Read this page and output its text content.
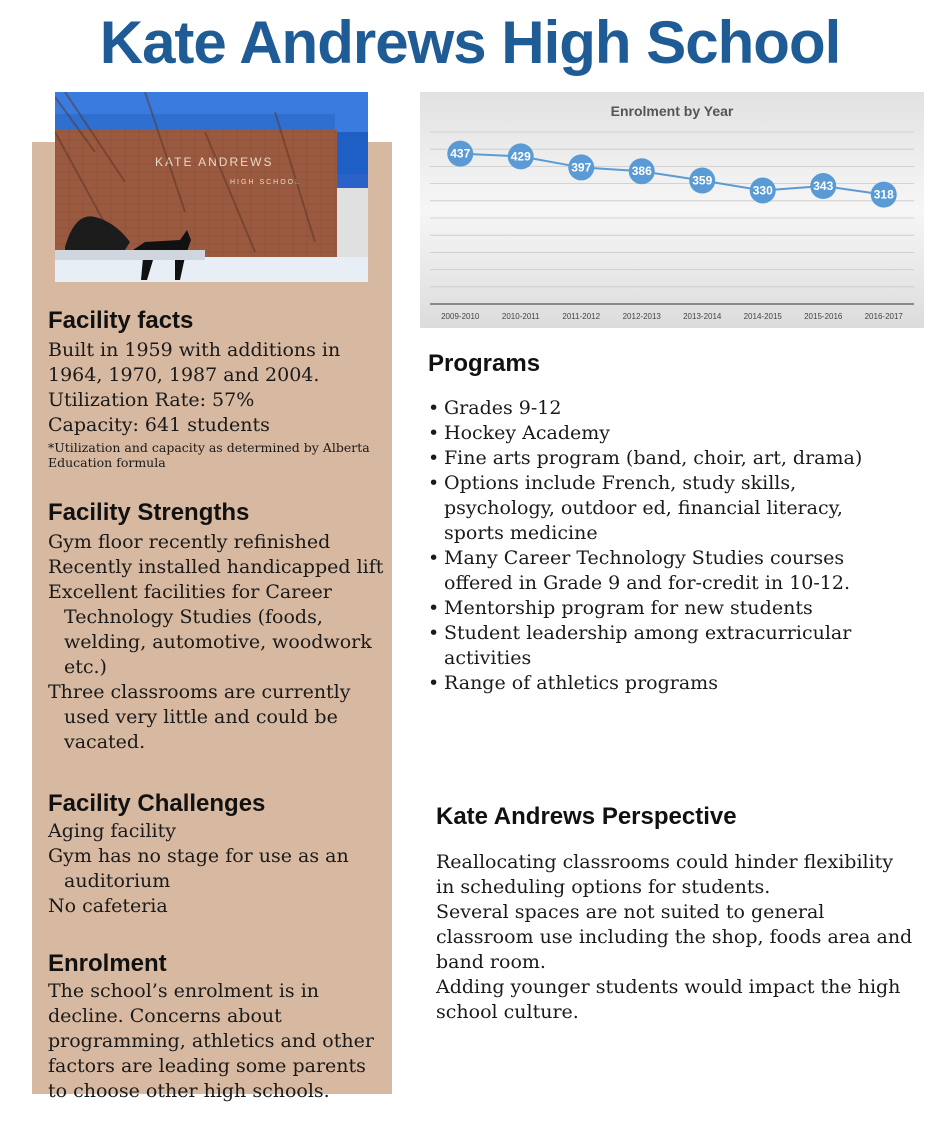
Kate Andrews High School
KATE ANDREWS
HIGH SCHOOL
Facility facts
Built in 1959 with additions in 1964, 1970, 1987 and 2004.
Utilization Rate: 57%
Capacity: 641 students
*Utilization and capacity as determined by Alberta Education formula
Facility Strengths
Gym floor recently refinished
Recently installed handicapped lift
Excellent facilities for Career Technology Studies (foods, welding, automotive, woodwork etc.)
Three classrooms are currently used very little and could be vacated.
Facility Challenges
Aging facility
Gym has no stage for use as an auditorium
No cafeteria
Enrolment

The school’s enrolment is in decline. Concerns about programming, athletics and other factors are leading some parents to choose other high schools.

Enrolment by Year
2009-2010	2010-2011	2011-2012	2012-2013	2013-2014	2014-2015	2015-2016	2016-2017
437	429
397	386
359
330	343
318
Programs
• Grades 9-12
• Hockey Academy
• Fine arts program (band, choir, art, drama)
• Options include French, study skills, psychology, outdoor ed, financial literacy, sports medicine
• Many Career Technology Studies courses offered in Grade 9 and for-credit in 10-12.
• Mentorship program for new students
• Student leadership among extracurricular activities
• Range of athletics programs
Kate Andrews Perspective

Reallocating classrooms could hinder flexibility in scheduling options for students.

Several spaces are not suited to general classroom use including the shop, foods area and band room.

Adding younger students would impact the high school culture.
